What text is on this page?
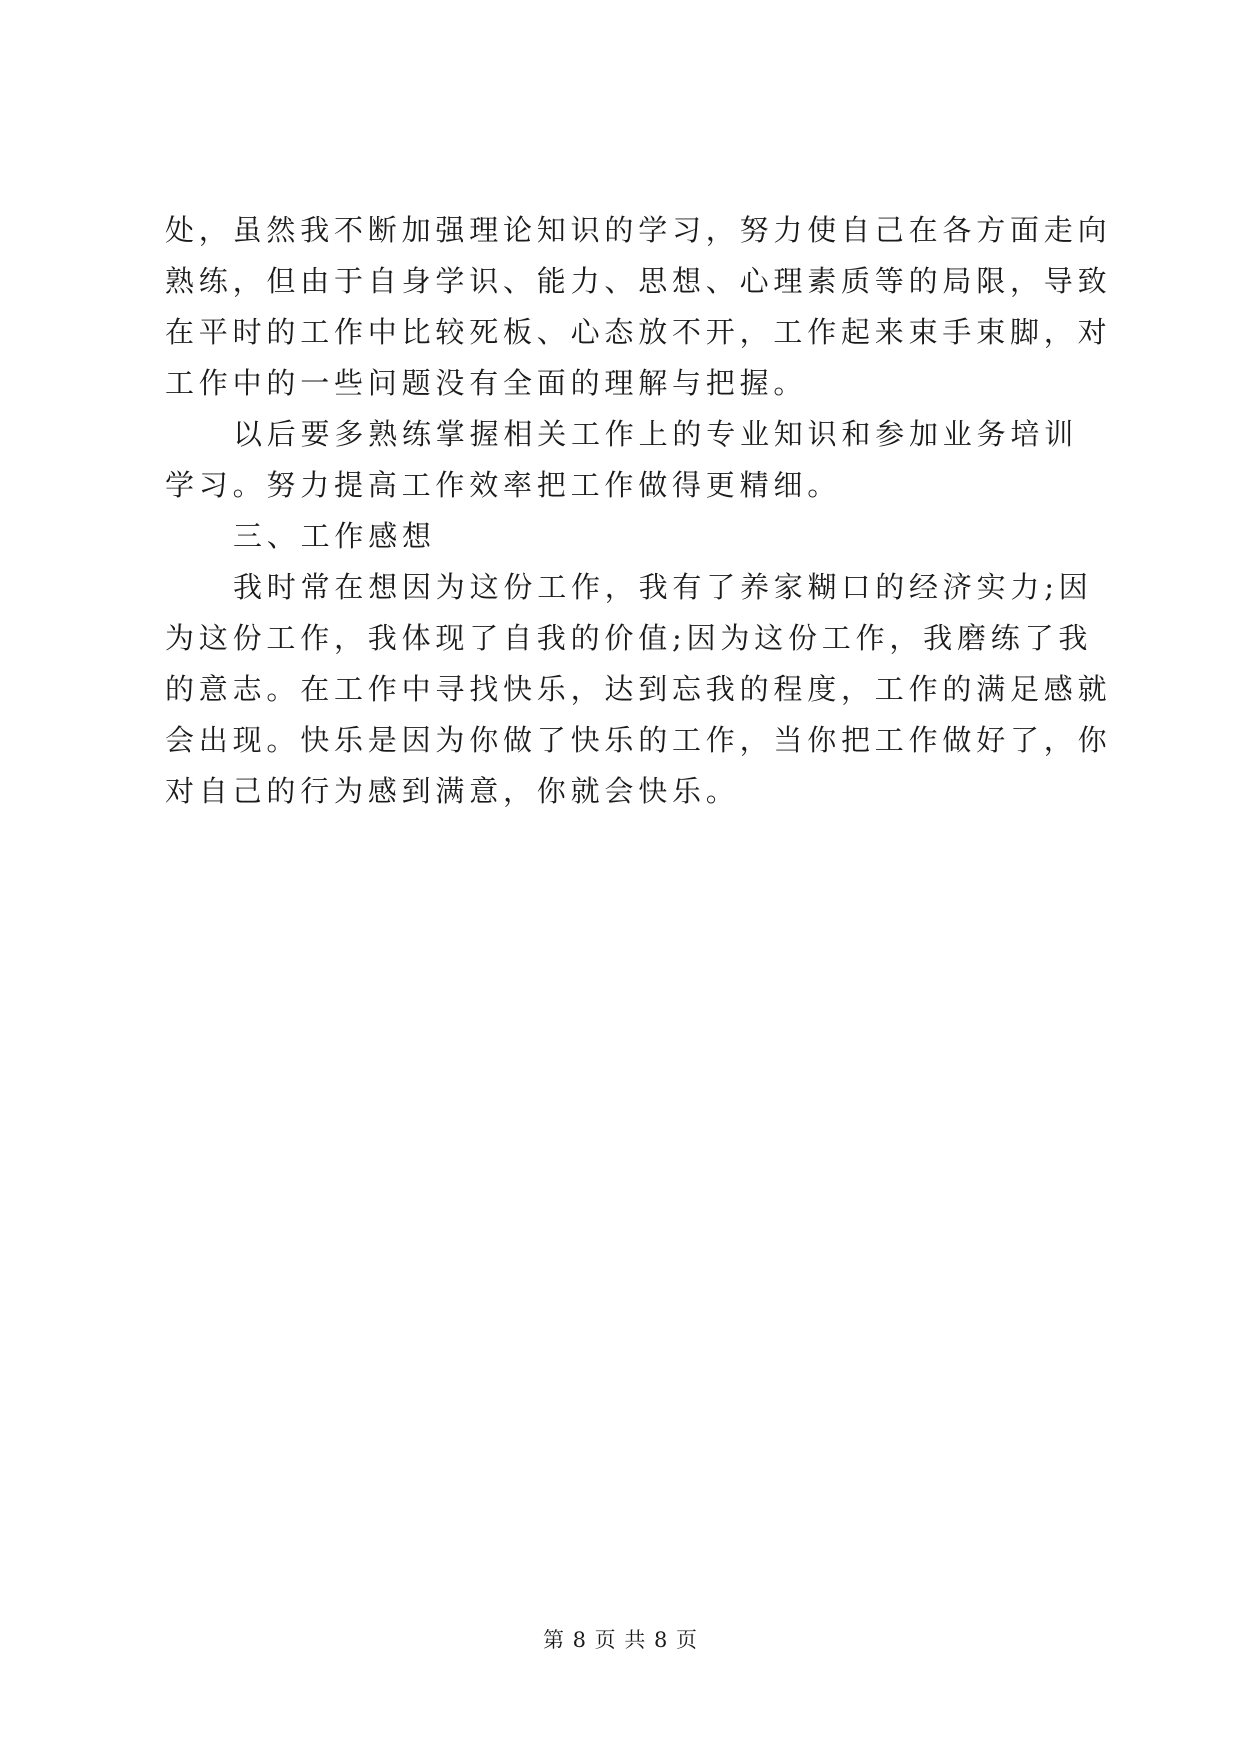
处，虽然我不断加强理论知识的学习，努力使自己在各方面走向
熟练，但由于自身学识、能力、思想、心理素质等的局限，导致
在平时的工作中比较死板、心态放不开，工作起来束手束脚，对
工作中的一些问题没有全面的理解与把握。
以后要多熟练掌握相关工作上的专业知识和参加业务培训
学习。努力提高工作效率把工作做得更精细。
三、工作感想
我时常在想因为这份工作，我有了养家糊口的经济实力;因
为这份工作，我体现了自我的价值;因为这份工作，我磨练了我
的意志。在工作中寻找快乐，达到忘我的程度，工作的满足感就
会出现。快乐是因为你做了快乐的工作，当你把工作做好了，你
对自己的行为感到满意，你就会快乐。
第 8 页 共 8 页
